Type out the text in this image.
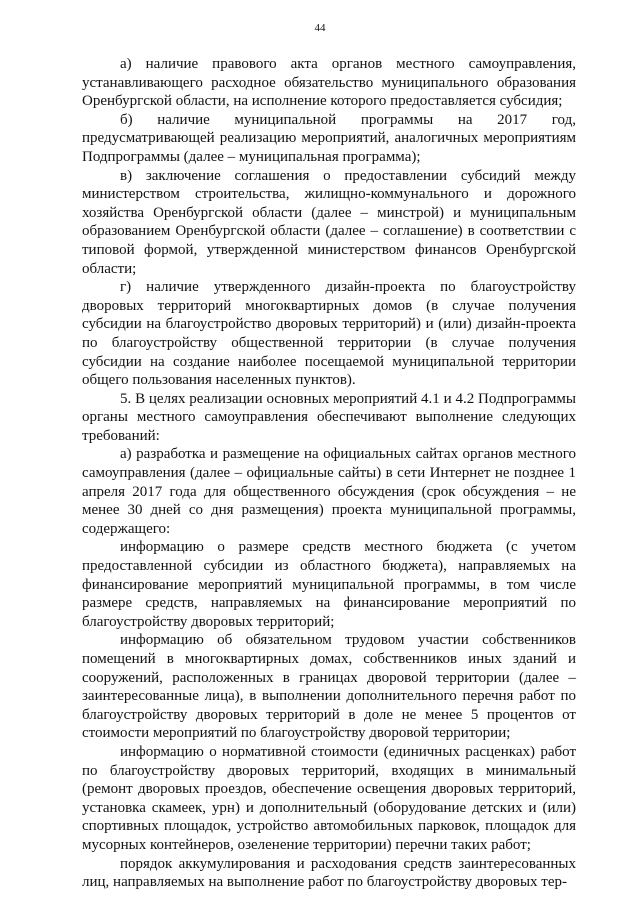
44

а) наличие правового акта органов местного самоуправления, устанавливающего расходное обязательство муниципального образования Оренбургской области, на исполнение которого предоставляется субсидия;

б) наличие муниципальной программы на 2017 год, предусматривающей реализацию мероприятий, аналогичных мероприятиям Подпрограммы (далее – муниципальная программа);

в) заключение соглашения о предоставлении субсидий между министерством строительства, жилищно-коммунального и дорожного хозяйства Оренбургской области (далее – минстрой) и муниципальным образованием Оренбургской области (далее – соглашение) в соответствии с типовой формой, утвержденной министерством финансов Оренбургской области;

г) наличие утвержденного дизайн-проекта по благоустройству дворовых территорий многоквартирных домов (в случае получения субсидии на благоустройство дворовых территорий) и (или) дизайн-проекта по благоустройству общественной территории (в случае получения субсидии на создание наиболее посещаемой муниципальной территории общего пользования населенных пунктов).

5. В целях реализации основных мероприятий 4.1 и 4.2 Подпрограммы органы местного самоуправления обеспечивают выполнение следующих требований:

а) разработка и размещение на официальных сайтах органов местного самоуправления (далее – официальные сайты) в сети Интернет не позднее 1 апреля 2017 года для общественного обсуждения (срок обсуждения – не менее 30 дней со дня размещения) проекта муниципальной программы, содержащего:

информацию о размере средств местного бюджета (с учетом предоставленной субсидии из областного бюджета), направляемых на финансирование мероприятий муниципальной программы, в том числе размере средств, направляемых на финансирование мероприятий по благоустройству дворовых территорий;

информацию об обязательном трудовом участии собственников помещений в многоквартирных домах, собственников иных зданий и сооружений, расположенных в границах дворовой территории (далее – заинтересованные лица), в выполнении дополнительного перечня работ по благоустройству дворовых территорий в доле не менее 5 процентов от стоимости мероприятий по благоустройству дворовой территории;

информацию о нормативной стоимости (единичных расценках) работ по благоустройству дворовых территорий, входящих в минимальный (ремонт дворовых проездов, обеспечение освещения дворовых территорий, установка скамеек, урн) и дополнительный (оборудование детских и (или) спортивных площадок, устройство автомобильных парковок, площадок для мусорных контейнеров, озеленение территории) перечни таких работ;

порядок аккумулирования и расходования средств заинтересованных лиц, направляемых на выполнение работ по благоустройству дворовых тер-
